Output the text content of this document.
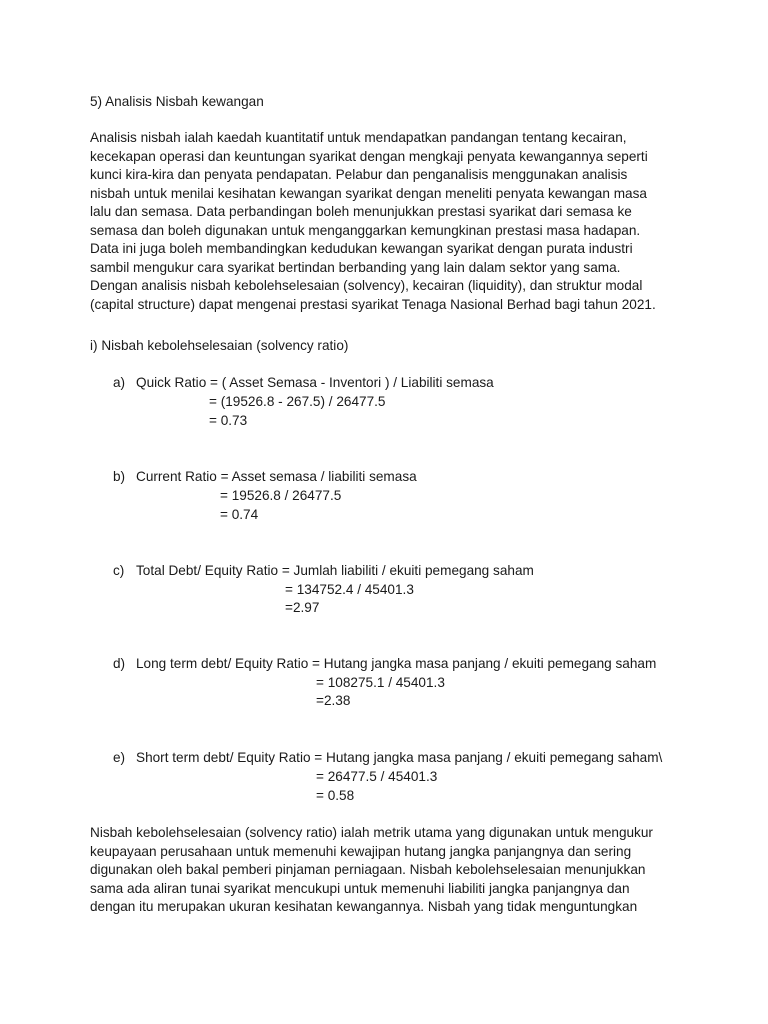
5) Analisis Nisbah kewangan
Analisis nisbah ialah kaedah kuantitatif untuk mendapatkan pandangan tentang kecairan,
kecekapan operasi dan keuntungan syarikat dengan mengkaji penyata kewangannya seperti
kunci kira-kira dan penyata pendapatan. Pelabur dan penganalisis menggunakan analisis
nisbah untuk menilai kesihatan kewangan syarikat dengan meneliti penyata kewangan masa
lalu dan semasa. Data perbandingan boleh menunjukkan prestasi syarikat dari semasa ke
semasa dan boleh digunakan untuk menganggarkan kemungkinan prestasi masa hadapan.
Data ini juga boleh membandingkan kedudukan kewangan syarikat dengan purata industri
sambil mengukur cara syarikat bertindan berbanding yang lain dalam sektor yang sama.
Dengan analisis nisbah kebolehselesaian (solvency), kecairan (liquidity), dan struktur modal
(capital structure) dapat mengenai prestasi syarikat Tenaga Nasional Berhad bagi tahun 2021.
i) Nisbah kebolehselesaian (solvency ratio)
a) Quick Ratio = ( Asset Semasa - Inventori ) / Liabiliti semasa
= (19526.8 - 267.5) / 26477.5
= 0.73
b) Current Ratio = Asset semasa / liabiliti semasa
= 19526.8 / 26477.5
= 0.74
c) Total Debt/ Equity Ratio = Jumlah liabiliti / ekuiti pemegang saham
= 134752.4 / 45401.3
=2.97
d) Long term debt/ Equity Ratio = Hutang jangka masa panjang / ekuiti pemegang saham
= 108275.1 / 45401.3
=2.38
e) Short term debt/ Equity Ratio = Hutang jangka masa panjang / ekuiti pemegang saham\
= 26477.5 / 45401.3
= 0.58
Nisbah kebolehselesaian (solvency ratio) ialah metrik utama yang digunakan untuk mengukur
keupayaan perusahaan untuk memenuhi kewajipan hutang jangka panjangnya dan sering
digunakan oleh bakal pemberi pinjaman perniagaan. Nisbah kebolehselesaian menunjukkan
sama ada aliran tunai syarikat mencukupi untuk memenuhi liabiliti jangka panjangnya dan
dengan itu merupakan ukuran kesihatan kewangannya. Nisbah yang tidak menguntungkan
